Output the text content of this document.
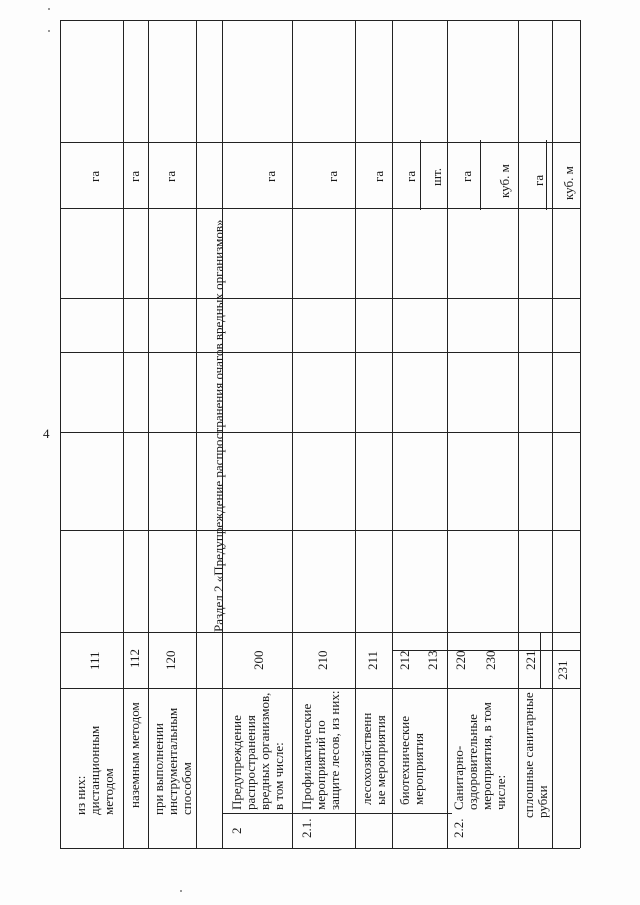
4	Раздел 2 «Предупреждение распространения очагов вредных организмов»
из них:
дистанционным
методом
111
га
наземным методом
112
га
при выполнении
инструментальным
способом
120
га
2
Предупреждение
распространения
вредных организмов,
в том числе:
200
га
2.1.
Профилактические
мероприятий по
защите лесов, из них:
210
га
лесохозяйственн
ые мероприятия
211
га
биотехнические
мероприятия
212
га
213
шт.
2.2.
Санитарно-
оздоровительные
мероприятия, в том
числе:
220
га
230
куб. м
сплошные санитарные
рубки
221
га
231
куб. м
